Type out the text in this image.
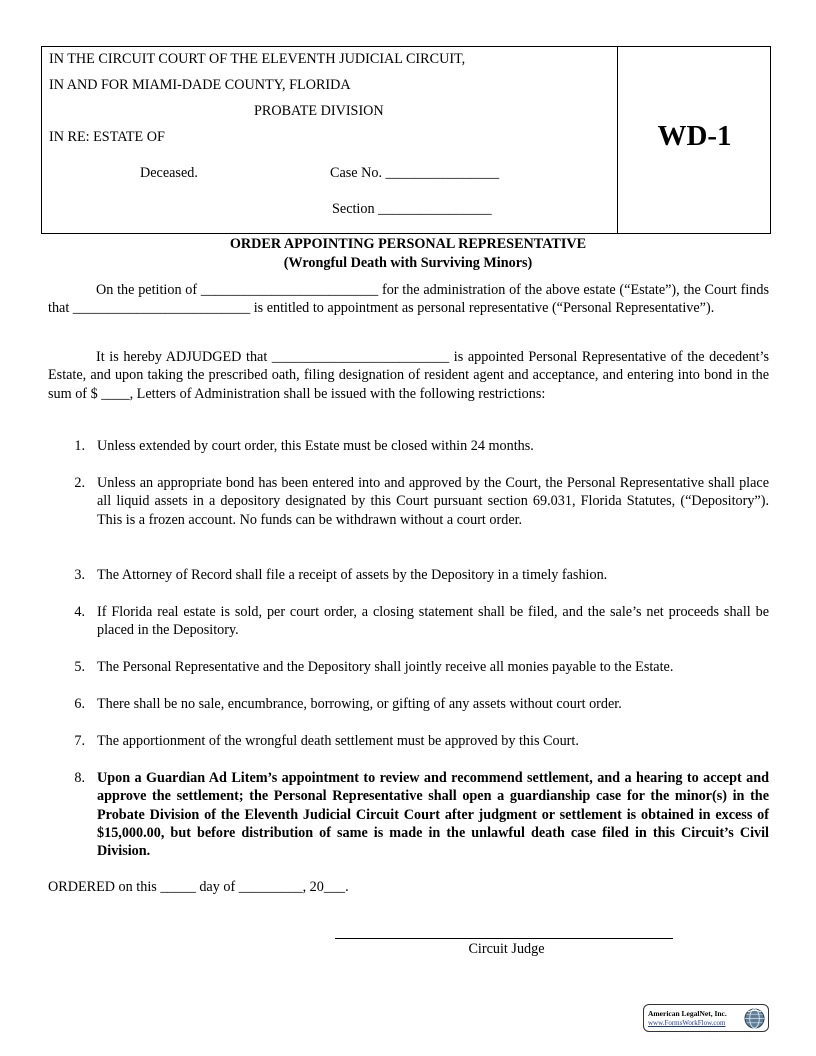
IN THE CIRCUIT COURT OF THE ELEVENTH JUDICIAL CIRCUIT,
IN AND FOR MIAMI-DADE COUNTY, FLORIDA
PROBATE DIVISION
IN RE: ESTATE OF
Deceased.	Case No. ________________
Section ________________
WD-1
ORDER APPOINTING PERSONAL REPRESENTATIVE
(Wrongful Death with Surviving Minors)

On the petition of _________________________ for the administration of the above estate (“Estate”), the Court finds that _________________________ is entitled to appointment as personal representative (“Personal Representative”).

It is hereby ADJUDGED that _________________________ is appointed Personal Representative of the decedent’s Estate, and upon taking the prescribed oath, filing designation of resident agent and acceptance, and entering into bond in the sum of $ ____, Letters of Administration shall be issued with the following restrictions:

1. Unless extended by court order, this Estate must be closed within 24 months.

2. Unless an appropriate bond has been entered into and approved by the Court, the Personal Representative shall place all liquid assets in a depository designated by this Court pursuant section 69.031, Florida Statutes, (“Depository”). This is a frozen account. No funds can be withdrawn without a court order.

3. The Attorney of Record shall file a receipt of assets by the Depository in a timely fashion.

4. If Florida real estate is sold, per court order, a closing statement shall be filed, and the sale’s net proceeds shall be placed in the Depository.

5. The Personal Representative and the Depository shall jointly receive all monies payable to the Estate.

6. There shall be no sale, encumbrance, borrowing, or gifting of any assets without court order.

7. The apportionment of the wrongful death settlement must be approved by this Court.

8. Upon a Guardian Ad Litem’s appointment to review and recommend settlement, and a hearing to accept and approve the settlement; the Personal Representative shall open a guardianship case for the minor(s) in the Probate Division of the Eleventh Judicial Circuit Court after judgment or settlement is obtained in excess of $15,000.00, but before distribution of same is made in the unlawful death case filed in this Circuit’s Civil Division.

ORDERED on this _____ day of _________, 20___.
Circuit Judge
American LegalNet, Inc.
www.FormsWorkFlow.com
